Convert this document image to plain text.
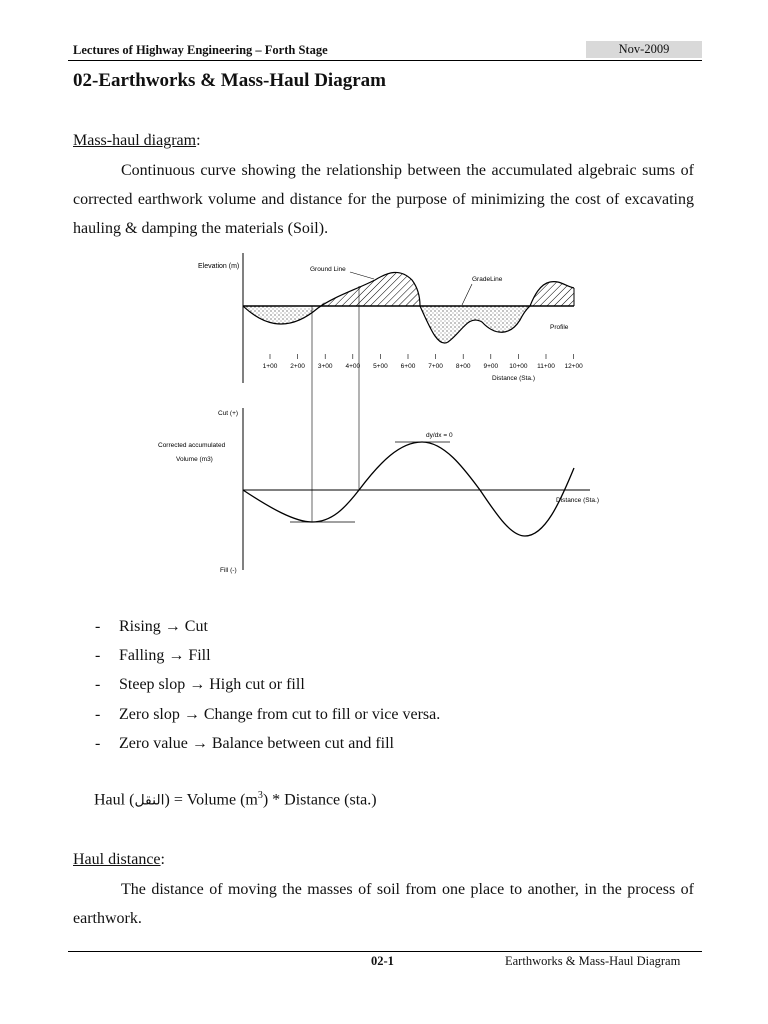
Lectures of Highway Engineering – Forth Stage	Nov-2009
02-Earthworks & Mass-Haul Diagram
Mass-haul diagram:
Continuous curve showing the relationship between the accumulated algebraic sums of corrected earthwork volume and distance for the purpose of minimizing the cost of excavating hauling & damping the materials (Soil).
Elevation (m)	Ground Line
GradeLine
Profile
1+00 2+00 3+00 4+00 5+00 6+00 7+00 8+00 9+00 10+00 11+00 12+00
Distance (Sta.)
Cut (+)
Corrected accumulated
Volume (m3)
Fill (-)
dy/dx = 0
Distance (Sta.)
- Rising → Cut
- Falling → Fill
- Steep slop → High cut or fill
- Zero slop → Change from cut to fill or vice versa.
- Zero value → Balance between cut and fill
Haul (النقل) = Volume $(m^3)$ * Distance (sta.)
Haul distance:
The distance of moving the masses of soil from one place to another, in the process of earthwork.
02-1	Earthworks & Mass-Haul Diagram
